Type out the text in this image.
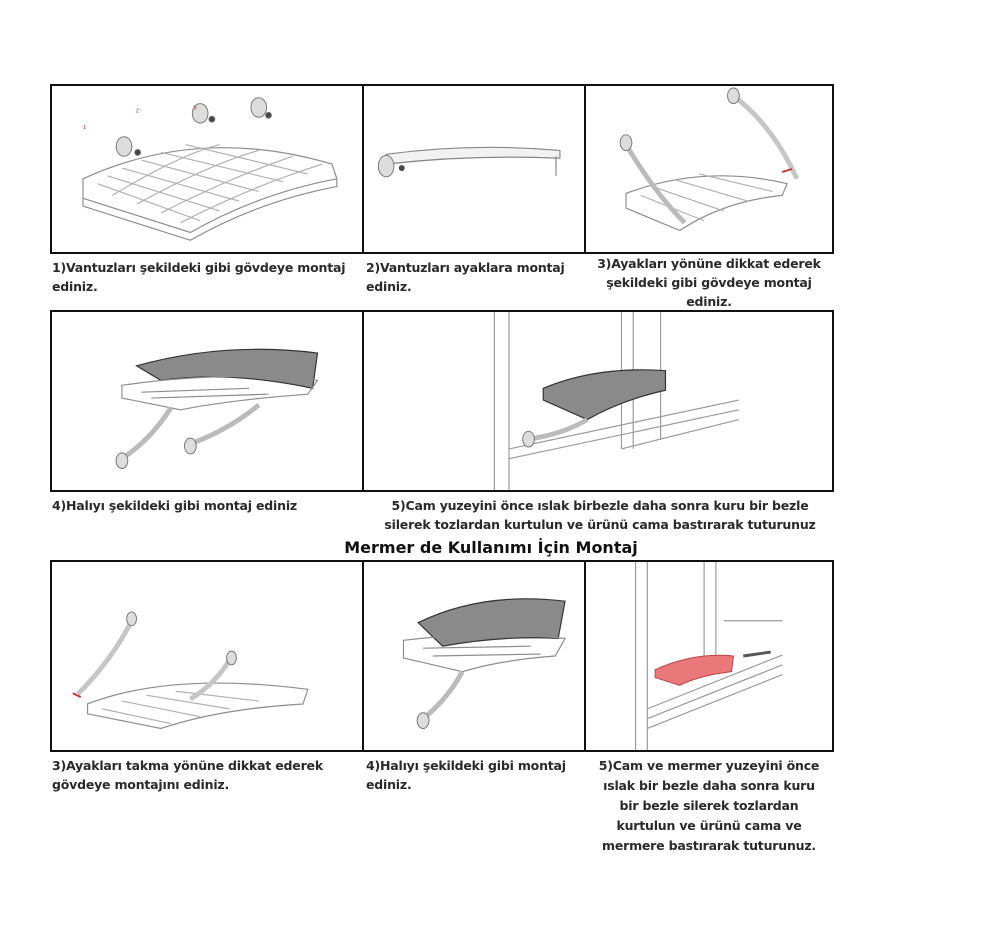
1
2	3
1)Vantuzları şekildeki gibi gövdeye montaj ediniz.
2)Vantuzları ayaklara montaj ediniz.
3)Ayakları yönüne dikkat ederek şekildeki gibi gövdeye montaj ediniz.
4)Halıyı şekildeki gibi montaj ediniz	5)Cam yuzeyini önce ıslak birbezle daha sonra kuru bir bezle silerek tozlardan kurtulun ve ürünü cama bastırarak tuturunuz
Mermer de Kullanımı İçin Montaj
3)Ayakları takma yönüne dikkat ederek gövdeye montajını ediniz.
4)Halıyı şekildeki gibi montaj ediniz.
5)Cam ve mermer yuzeyini önce ıslak bir bezle daha sonra kuru bir bezle silerek tozlardan kurtulun ve ürünü cama ve mermere bastırarak tuturunuz.
